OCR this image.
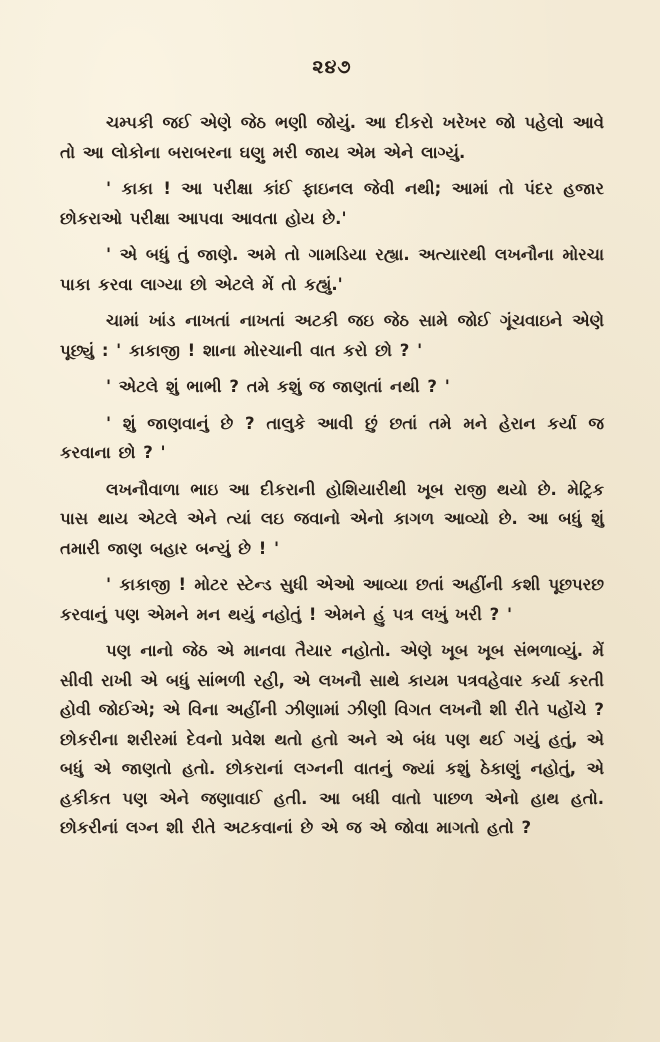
૨૪૭

ચમ્પકી જઈ એણે જેઠ ભણી જોયું. આ દીકરો ખરેખર જો પહેલો આવે તો આ લોકોના બરાબરના ઘણુ મરી જાય એમ એને લાગ્યું.

' કાકા ! આ પરીક્ષા કાંઈ ફાઇનલ જેવી નથી; આમાં તો પંદર હજાર છોકરાઓ પરીક્ષા આપવા આવતા હોય છે.'

' એ બધું તું જાણે. અમે તો ગામડિયા રહ્યા. અત્યારથી લખનૌના મોરચા પાકા કરવા લાગ્યા છો એટલે મેં તો કહ્યું.'

ચામાં ખાંડ નાખતાં નાખતાં અટકી જઇ જેઠ સામે જોઈ ગૂંચવાઇને એણે પૂછ્યું : ' કાકાજી ! શાના મોરચાની વાત કરો છો ? '

' એટલે શું ભાભી ? તમે કશું જ જાણતાં નથી ? '

' શું જાણવાનું છે ? તાલુકે આવી છું છતાં તમે મને હેરાન કર્યા જ કરવાના છો ? '

લખનૌવાળા ભાઇ આ દીકરાની હોશિયારીથી ખૂબ રાજી થયો છે. મેટ્રિક પાસ થાય એટલે એને ત્યાં લઇ જવાનો એનો કાગળ આવ્યો છે. આ બધું શું તમારી જાણ બહાર બન્યું છે ! '

' કાકાજી ! મોટર સ્ટેન્ડ સુધી એઓ આવ્યા છતાં અહીંની કશી પૂછપરછ કરવાનું પણ એમને મન થયું નહોતું ! એમને હું પત્ર લખું ખરી ? '

પણ નાનો જેઠ એ માનવા તૈયાર નહોતો. એણે ખૂબ ખૂબ સંભળાવ્યું. મેં સીવી રાખી એ બધું સાંભળી રહી, એ લખનૌ સાથે કાયમ પત્રવહેવાર કર્યા કરતી હોવી જોઈએ; એ વિના અહીંની ઝીણામાં ઝીણી વિગત લખનૌ શી રીતે પહોંચે ? છોકરીના શરીરમાં દેવનો પ્રવેશ થતો હતો અને એ બંધ પણ થઈ ગયું હતું, એ બધું એ જાણતો હતો. છોકરાનાં લગ્નની વાતનું જ્યાં કશું ઠેકાણું નહોતું, એ હકીકત પણ એને જણાવાઈ હતી. આ બધી વાતો પાછળ એનો હાથ હતો. છોકરીનાં લગ્ન શી રીતે અટકવાનાં છે એ જ એ જોવા માગતો હતો ?
